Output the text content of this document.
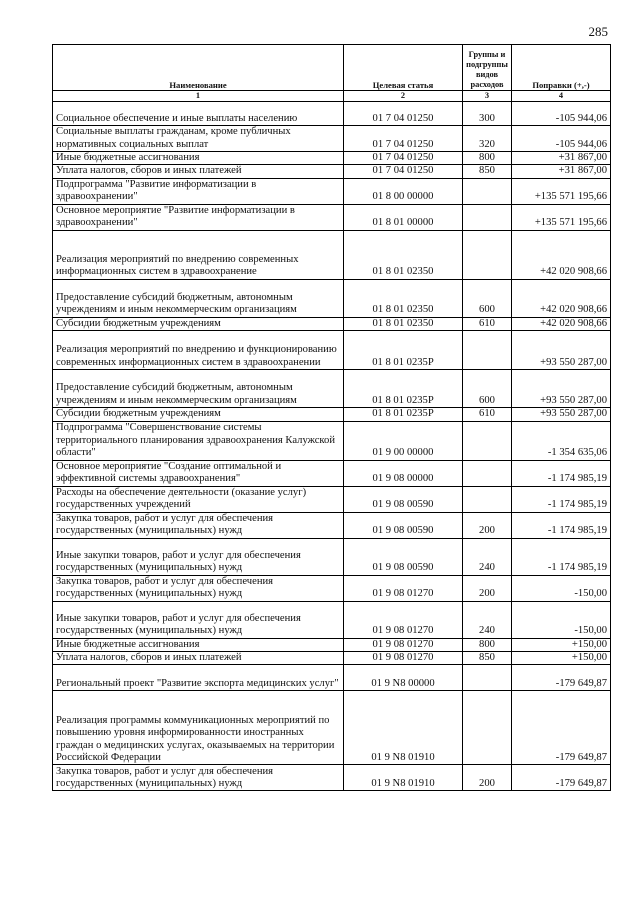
285
Наименование	Целевая статья	Группы и подгруппы видов расходов	Поправки (+,-)
1	2	3	4
Социальное обеспечение и иные выплаты населению	01 7 04 01250	300	-105 944,06
Социальные выплаты гражданам, кроме публичных нормативных социальных выплат	01 7 04 01250	320	-105 944,06
Иные бюджетные ассигнования	01 7 04 01250	800	+31 867,00
Уплата налогов, сборов и иных платежей	01 7 04 01250	850	+31 867,00
Подпрограмма "Развитие информатизации в здравоохранении"	01 8 00 00000		+135 571 195,66
Основное мероприятие "Развитие информатизации в здравоохранении"	01 8 01 00000		+135 571 195,66
Реализация мероприятий по внедрению современных информационных систем в здравоохранение	01 8 01 02350		+42 020 908,66
Предоставление субсидий бюджетным, автономным учреждениям и иным некоммерческим организациям	01 8 01 02350	600	+42 020 908,66
Субсидии бюджетным учреждениям	01 8 01 02350	610	+42 020 908,66
Реализация мероприятий по внедрению и функционированию современных информационных систем в здравоохранении	01 8 01 0235Р		+93 550 287,00
Предоставление субсидий бюджетным, автономным учреждениям и иным некоммерческим организациям	01 8 01 0235Р	600	+93 550 287,00
Субсидии бюджетным учреждениям	01 8 01 0235Р	610	+93 550 287,00
Подпрограмма "Совершенствование системы территориального планирования здравоохранения Калужской области"	01 9 00 00000		-1 354 635,06
Основное мероприятие "Создание оптимальной и эффективной системы здравоохранения"	01 9 08 00000		-1 174 985,19
Расходы на обеспечение деятельности (оказание услуг) государственных учреждений	01 9 08 00590		-1 174 985,19
Закупка товаров, работ и услуг для обеспечения государственных (муниципальных) нужд	01 9 08 00590	200	-1 174 985,19
Иные закупки товаров, работ и услуг для обеспечения государственных (муниципальных) нужд	01 9 08 00590	240	-1 174 985,19
Закупка товаров, работ и услуг для обеспечения государственных (муниципальных) нужд	01 9 08 01270	200	-150,00
Иные закупки товаров, работ и услуг для обеспечения государственных (муниципальных) нужд	01 9 08 01270	240	-150,00
Иные бюджетные ассигнования	01 9 08 01270	800	+150,00
Уплата налогов, сборов и иных платежей	01 9 08 01270	850	+150,00
Региональный проект "Развитие экспорта медицинских услуг"	01 9 N8 00000		-179 649,87
Реализация программы коммуникационных мероприятий по повышению уровня информированности иностранных граждан о медицинских услугах, оказываемых на территории Российской Федерации	01 9 N8 01910		-179 649,87
Закупка товаров, работ и услуг для обеспечения государственных (муниципальных) нужд	01 9 N8 01910	200	-179 649,87
